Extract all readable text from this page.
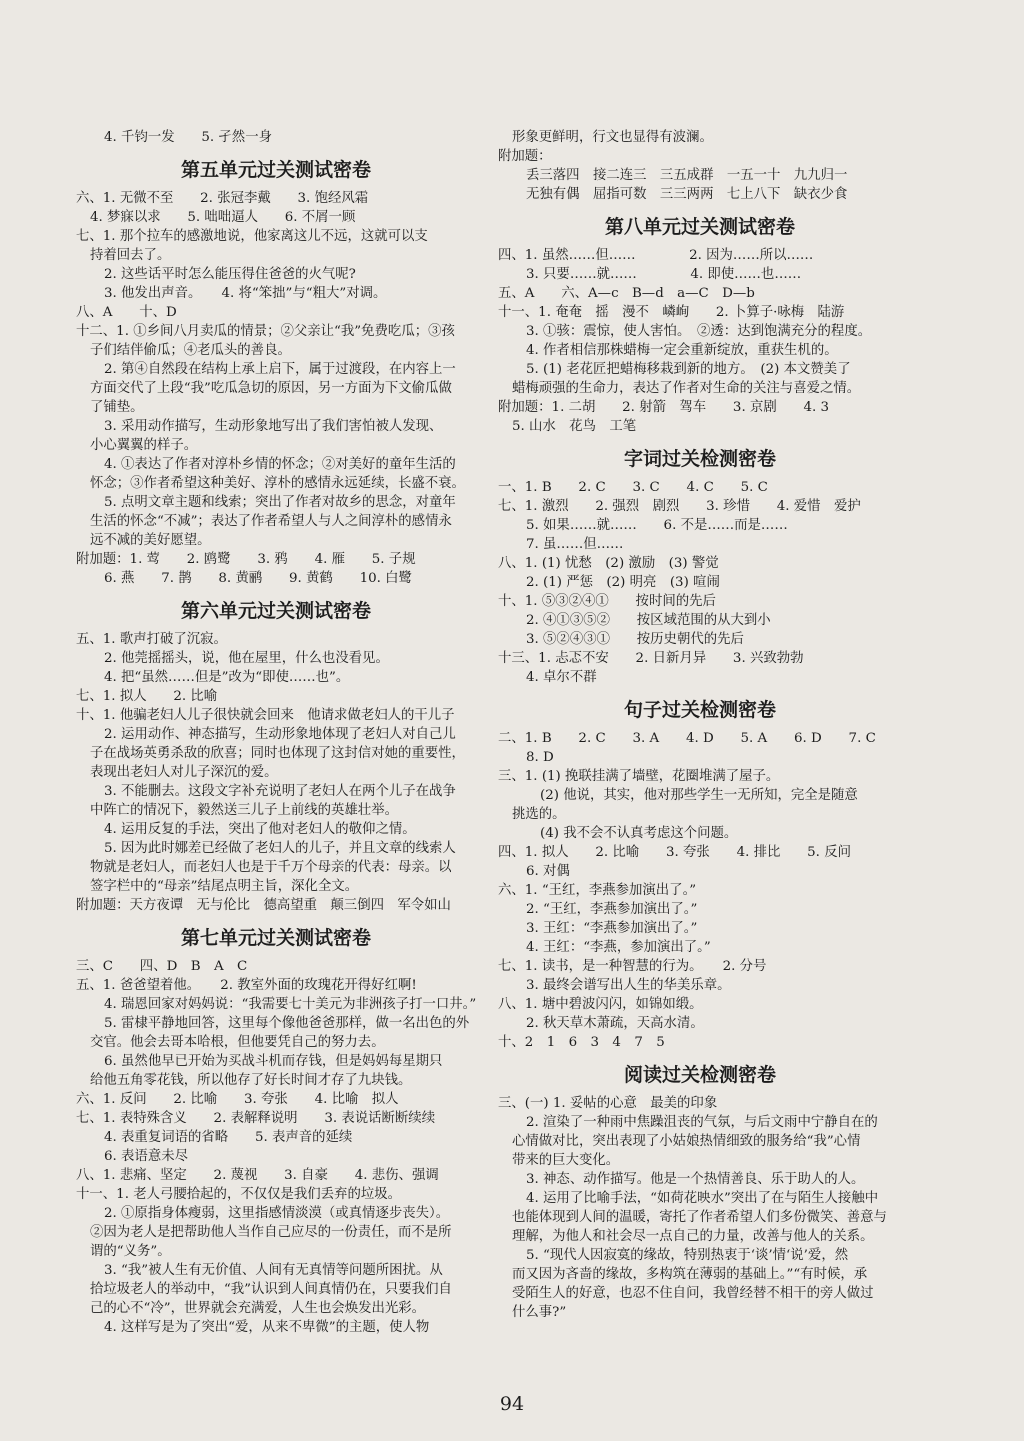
4. 千钧一发　　5. 孑然一身
第五单元过关测试密卷
六、1. 无微不至　　2. 张冠李戴　　3. 饱经风霜
4. 梦寐以求　　5. 咄咄逼人　　6. 不屑一顾
七、1. 那个拉车的感激地说，他家离这儿不远，这就可以支
持着回去了。
2. 这些话平时怎么能压得住爸爸的火气呢?
3. 他发出声音。　　4. 将“笨拙”与“粗大”对调。
八、A　　十、D
十二、1. ①乡间八月卖瓜的情景；②父亲让“我”免费吃瓜；③孩
子们结伴偷瓜；④老瓜头的善良。
2. 第④自然段在结构上承上启下，属于过渡段，在内容上一
方面交代了上段“我”吃瓜急切的原因，另一方面为下文偷瓜做
了铺垫。
3. 采用动作描写，生动形象地写出了我们害怕被人发现、
小心翼翼的样子。
4. ①表达了作者对淳朴乡情的怀念；②对美好的童年生活的
怀念；③作者希望这种美好、淳朴的感情永远延续，长盛不衰。
5. 点明文章主题和线索；突出了作者对故乡的思念，对童年
生活的怀念“不减”；表达了作者希望人与人之间淳朴的感情永
远不减的美好愿望。
附加题：1. 莺　　2. 鸥鹭　　3. 鸦　　4. 雁　　5. 子规
6. 燕　　7. 鹊　　8. 黄鹂　　9. 黄鹤　　10. 白鹭
第六单元过关测试密卷
五、1. 歌声打破了沉寂。
2. 他莞摇摇头，说，他在屋里，什么也没看见。
4. 把“虽然……但是”改为“即使……也”。
七、1. 拟人　　2. 比喻
十、1. 他骗老妇人儿子很快就会回来　他请求做老妇人的干儿子
2. 运用动作、神态描写，生动形象地体现了老妇人对自己儿
子在战场英勇杀敌的欣喜；同时也体现了这封信对她的重要性，
表现出老妇人对儿子深沉的爱。
3. 不能删去。这段文字补充说明了老妇人在两个儿子在战争
中阵亡的情况下，毅然送三儿子上前线的英雄壮举。
4. 运用反复的手法，突出了他对老妇人的敬仰之情。
5. 因为此时娜差已经做了老妇人的儿子，并且文章的线索人
物就是老妇人，而老妇人也是于千万个母亲的代表：母亲。以
签字栏中的“母亲”结尾点明主旨，深化全文。
附加题：天方夜谭　无与伦比　德高望重　颠三倒四　军令如山
第七单元过关测试密卷
三、C　　四、D　B　A　C
五、1. 爸爸望着他。　　2. 教室外面的玫瑰花开得好红啊!
4. 瑞恩回家对妈妈说：“我需要七十美元为非洲孩子打一口井。”
5. 雷棣平静地回答，这里每个像他爸爸那样，做一名出色的外
交官。他会去哥本哈根，但他要凭自己的努力去。
6. 虽然他早已开始为买战斗机而存钱，但是妈妈每星期只
给他五角零花钱，所以他存了好长时间才存了九块钱。
六、1. 反问　　2. 比喻　　3. 夸张　　4. 比喻　拟人
七、1. 表特殊含义　　2. 表解释说明　　3. 表说话断断续续
4. 表重复词语的省略　　5. 表声音的延续
6. 表语意未尽
八、1. 悲痛、坚定　　2. 蔑视　　3. 自豪　　4. 悲伤、强调
十一、1. 老人弓腰拾起的，不仅仅是我们丢弃的垃圾。
2. ①原指身体瘦弱，这里指感情淡漠（或真情逐步丧失）。
②因为老人是把帮助他人当作自己应尽的一份责任，而不是所
谓的“义务”。
3. “我”被人生有无价值、人间有无真情等问题所困扰。从
拾垃圾老人的举动中，“我”认识到人间真情仍在，只要我们自
己的心不“冷”，世界就会充满爱，人生也会焕发出光彩。
4. 这样写是为了突出“爱，从来不卑微”的主题，使人物
形象更鲜明，行文也显得有波澜。
附加题：
丢三落四　接二连三　三五成群　一五一十　九九归一
无独有偶　屈指可数　三三两两　七上八下　缺衣少食
第八单元过关测试密卷
四、1. 虽然……但……　　　　2. 因为……所以……
3. 只要……就……　　　　4. 即使……也……
五、A　　六、A—c　B—d　a—C　D—b
十一、1. 奄奄　摇　漫不　嶙峋　　2. 卜算子·咏梅　陆游
3. ①骇：震惊，使人害怕。　②透：达到饱满充分的程度。
4. 作者相信那株蜡梅一定会重新绽放，重获生机的。
5. (1) 老花匠把蜡梅移栽到新的地方。　(2) 本文赞美了
蜡梅顽强的生命力，表达了作者对生命的关注与喜爱之情。
附加题：1. 二胡　　2. 射箭　驾车　　3. 京剧　　4. 3
5. 山水　花鸟　工笔
字词过关检测密卷
一、1. B　　2. C　　3. C　　4. C　　5. C
七、1. 激烈　　2. 强烈　剧烈　　3. 珍惜　　4. 爱惜　爱护
5. 如果……就……　　6. 不是……而是……
7. 虽……但……
八、1. (1) 忧愁　(2) 激励　(3) 警觉
2. (1) 严惩　(2) 明亮　(3) 喧闹
十、1. ⑤③②④①　　按时间的先后
2. ④①③⑤②　　按区域范围的从大到小
3. ⑤②④③①　　按历史朝代的先后
十三、1. 忐忑不安　　2. 日新月异　　3. 兴致勃勃
4. 卓尔不群
句子过关检测密卷
二、1. B　　2. C　　3. A　　4. D　　5. A　　6. D　　7. C
8. D
三、1. (1) 挽联挂满了墙壁，花圈堆满了屋子。
(2) 他说，其实，他对那些学生一无所知，完全是随意
挑选的。
(4) 我不会不认真考虑这个问题。
四、1. 拟人　　2. 比喻　　3. 夸张　　4. 排比　　5. 反问
6. 对偶
六、1. “王红，李燕参加演出了。”
2. “王红，李燕参加演出了。”
3. 王红：“李燕参加演出了。”
4. 王红：“李燕，参加演出了。”
七、1. 读书，是一种智慧的行为。　　2. 分号
3. 最终会谱写出人生的华美乐章。
八、1. 塘中碧波闪闪，如锦如缎。
2. 秋天草木萧疏，天高水清。
十、2　1　6　3　4　7　5
阅读过关检测密卷
三、(一) 1. 妥帖的心意　最美的印象
2. 渲染了一种雨中焦躁沮丧的气氛，与后文雨中宁静自在的
心情做对比，突出表现了小姑娘热情细致的服务给“我”心情
带来的巨大变化。
3. 神态、动作描写。他是一个热情善良、乐于助人的人。
4. 运用了比喻手法，“如荷花映水”突出了在与陌生人接触中
也能体现到人间的温暖，寄托了作者希望人们多份微笑、善意与
理解，为他人和社会尽一点自己的力量，改善与他人的关系。
5. “现代人因寂寞的缘故，特别热衷于‘谈’情‘说’爱，然
而又因为吝啬的缘故，多构筑在薄弱的基础上。”“有时候，承
受陌生人的好意，也忍不住自问，我曾经替不相干的旁人做过
什么事?”
94
